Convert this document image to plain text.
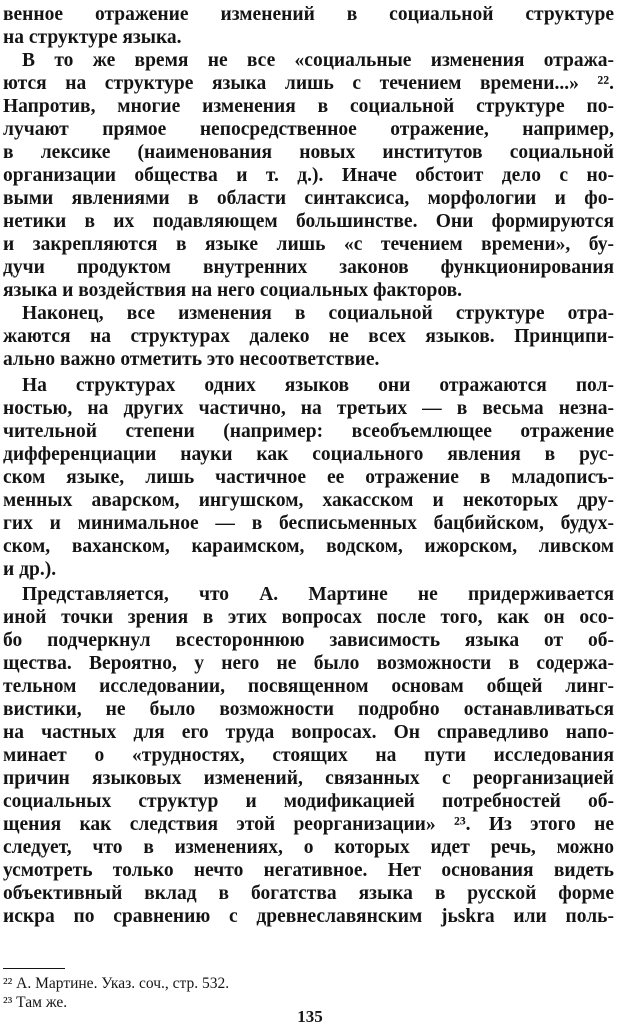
венное отражение изменений в социальной структуре
на структуре языка.
В то же время не все «социальные изменения отража-
ются на структуре языка лишь с течением времени...» ²².
Напротив, многие изменения в социальной структуре по-
лучают прямое непосредственное отражение, например,
в лексике (наименования новых институтов социальной
организации общества и т. д.). Иначе обстоит дело с но-
выми явлениями в области синтаксиса, морфологии и фо-
нетики в их подавляющем большинстве. Они формируются
и закрепляются в языке лишь «с течением времени», бу-
дучи продуктом внутренних законов функционирования
языка и воздействия на него социальных факторов.
Наконец, все изменения в социальной структуре отра-
жаются на структурах далеко не всех языков. Принципи-
ально важно отметить это несоответствие.
На структурах одних языков они отражаются пол-
ностью, на других частично, на третьих — в весьма незна-
чительной степени (например: всеобъемлющее отражение
дифференциации науки как социального явления в рус-
ском языке, лишь частичное ее отражение в младописъ-
менных аварском, ингушском, хакасском и некоторых дру-
гих и минимальное — в бесписьменных бацбийском, будух-
ском, ваханском, караимском, водском, ижорском, ливском
и др.).
Представляется, что А. Мартине не придерживается
иной точки зрения в этих вопросах после того, как он осо-
бо подчеркнул всестороннюю зависимость языка от об-
щества. Вероятно, у него не было возможности в содержа-
тельном исследовании, посвященном основам общей линг-
вистики, не было возможности подробно останавливаться
на частных для его труда вопросах. Он справедливо напо-
минает о «трудностях, стоящих на пути исследования
причин языковых изменений, связанных с реорганизацией
социальных структур и модификацией потребностей об-
щения как следствия этой реорганизации» ²³. Из этого не
следует, что в изменениях, о которых идет речь, можно
усмотреть только нечто негативное. Нет основания видеть
объективный вклад в богатства языка в русской форме
искра по сравнению с древнеславянским jьskra или поль-
²² А. Мартине. Указ. соч., стр. 532.
²³ Там же.
135
